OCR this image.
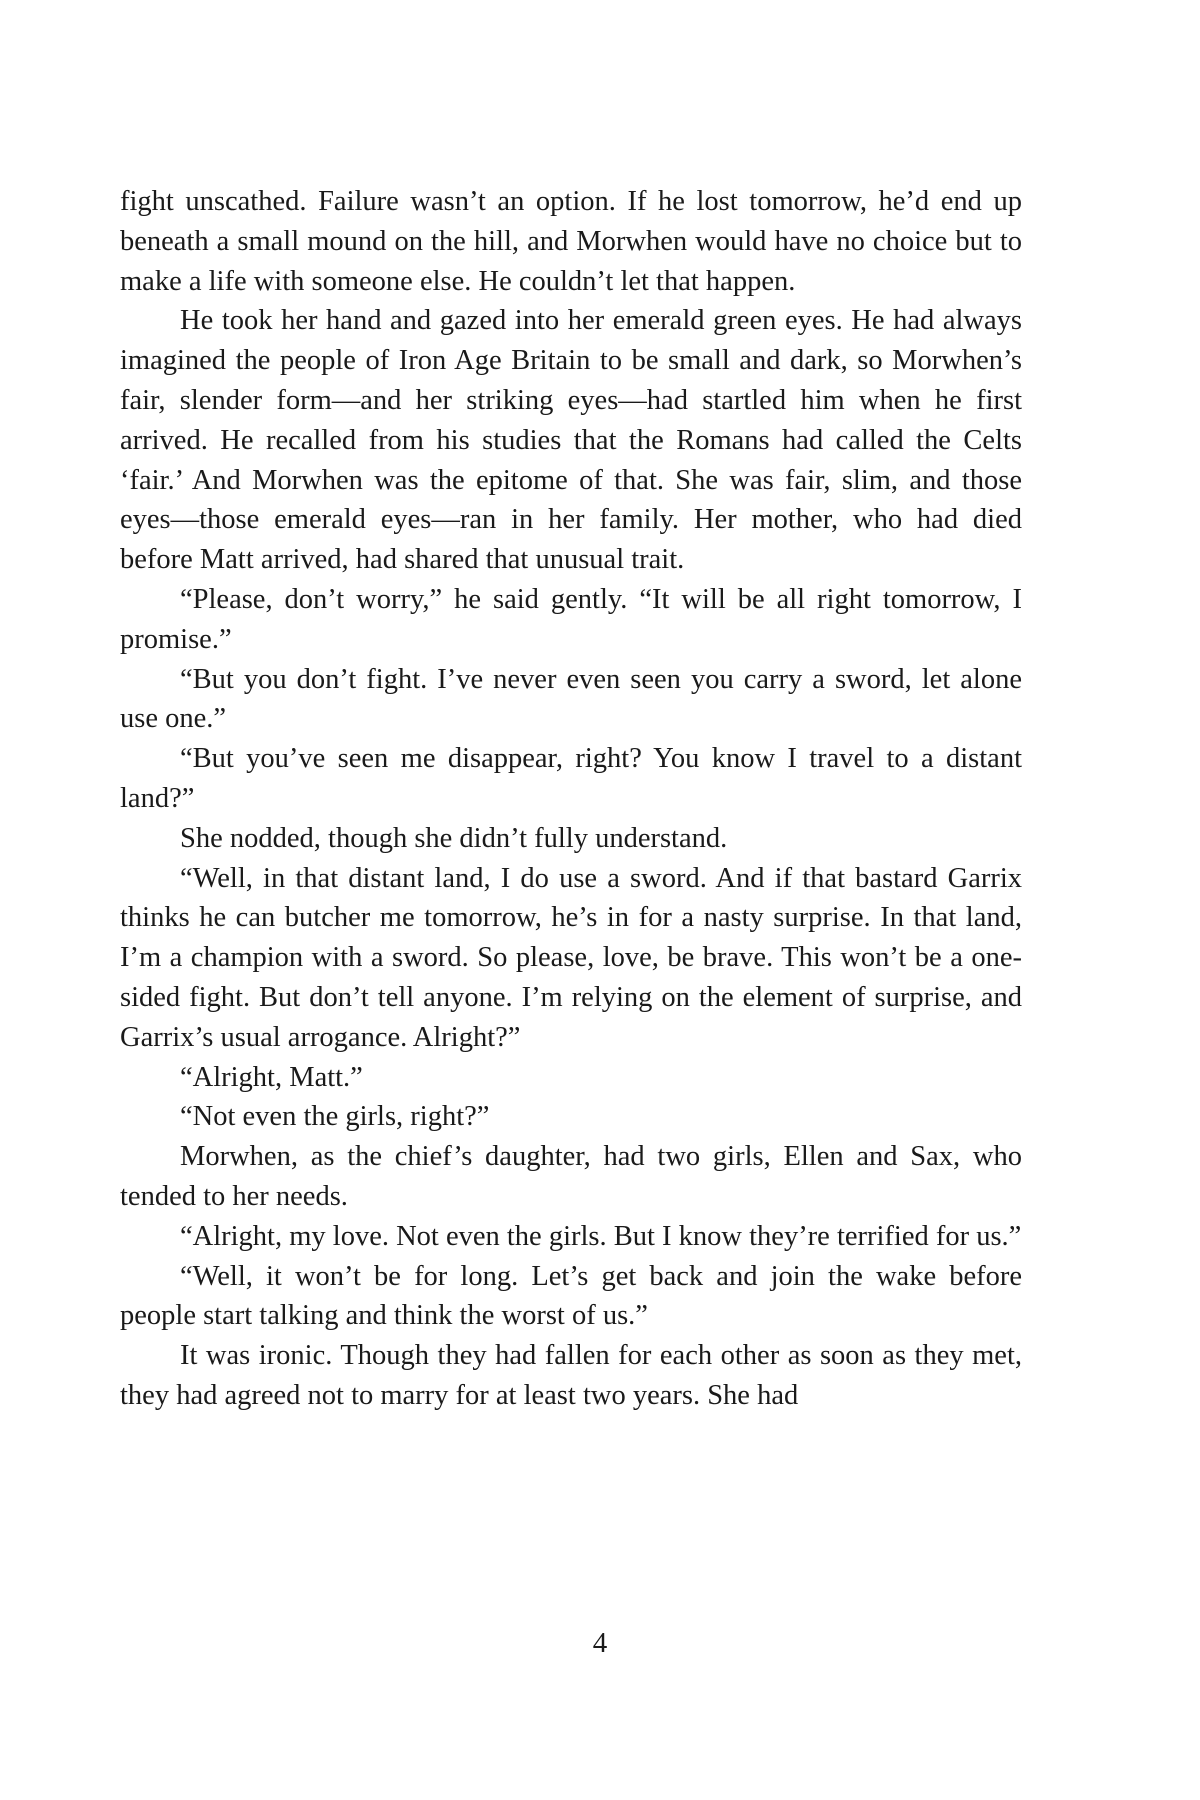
fight unscathed. Failure wasn’t an option. If he lost tomorrow, he’d end up beneath a small mound on the hill, and Morwhen would have no choice but to make a life with someone else. He couldn’t let that happen.

He took her hand and gazed into her emerald green eyes. He had always imagined the people of Iron Age Britain to be small and dark, so Morwhen’s fair, slender form—and her striking eyes—had startled him when he first arrived. He recalled from his studies that the Romans had called the Celts ‘fair.’ And Morwhen was the epitome of that. She was fair, slim, and those eyes—those emerald eyes—ran in her family. Her mother, who had died before Matt arrived, had shared that unusual trait.

“Please, don’t worry,” he said gently. “It will be all right tomorrow, I promise.”

“But you don’t fight. I’ve never even seen you carry a sword, let alone use one.”

“But you’ve seen me disappear, right? You know I travel to a distant land?”

She nodded, though she didn’t fully understand.

“Well, in that distant land, I do use a sword. And if that bastard Garrix thinks he can butcher me tomorrow, he’s in for a nasty surprise. In that land, I’m a champion with a sword. So please, love, be brave. This won’t be a one-sided fight. But don’t tell anyone. I’m relying on the element of surprise, and Garrix’s usual arrogance. Alright?”

“Alright, Matt.”

“Not even the girls, right?”

Morwhen, as the chief’s daughter, had two girls, Ellen and Sax, who tended to her needs.

“Alright, my love. Not even the girls. But I know they’re terrified for us.”

“Well, it won’t be for long. Let’s get back and join the wake before people start talking and think the worst of us.”

It was ironic. Though they had fallen for each other as soon as they met, they had agreed not to marry for at least two years. She had

4
